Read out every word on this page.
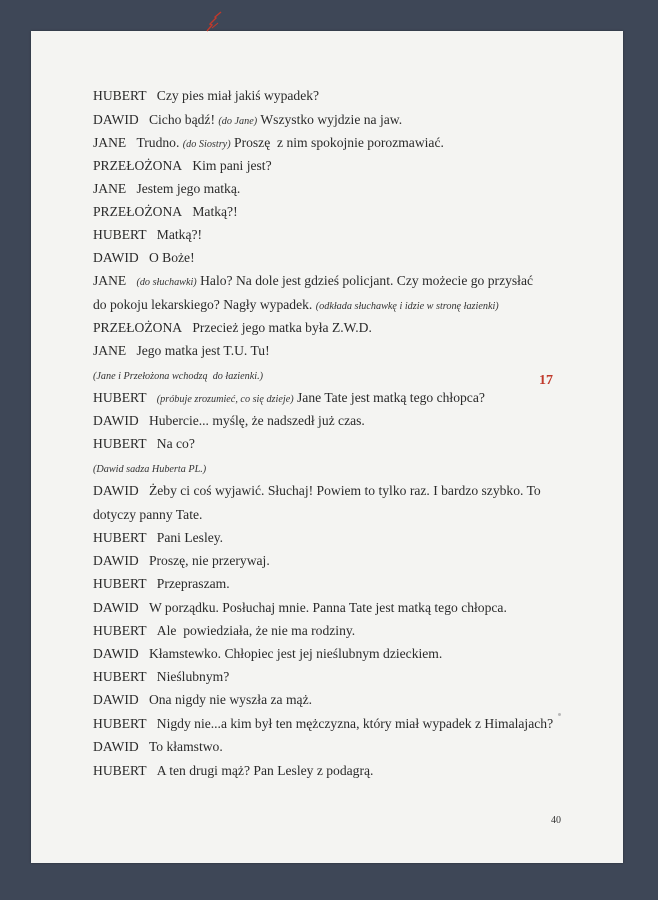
HUBERT Czy pies miał jakiś wypadek?
DAWID Cicho bądź! (do Jane) Wszystko wyjdzie na jaw.
JANE Trudno. (do Siostry) Proszę  z nim spokojnie porozmawiać.
PRZEŁOŻONA Kim pani jest?
JANE Jestem jego matką.
PRZEŁOŻONA Matką?!
HUBERT Matką?!
DAWID O Boże!
JANE (do słuchawki) Halo? Na dole jest gdzieś policjant. Czy możecie go przysłać
do pokoju lekarskiego? Nagły wypadek. (odkłada słuchawkę i idzie w stronę łazienki)
PRZEŁOŻONA Przecież jego matka była Z.W.D.
JANE Jego matka jest T.U. Tu!
(Jane i Przełożona wchodzą  do łazienki.)
HUBERT (próbuje zrozumieć, co się dzieje) Jane Tate jest matką tego chłopca?
DAWID Hubercie... myślę, że nadszedł już czas.
HUBERT Na co?
(Dawid sadza Huberta PL.)
DAWID Żeby ci coś wyjawić. Słuchaj! Powiem to tylko raz. I bardzo szybko. To
dotyczy panny Tate.
HUBERT Pani Lesley.
DAWID Proszę, nie przerywaj.
HUBERT Przepraszam.
DAWID W porządku. Posłuchaj mnie. Panna Tate jest matką tego chłopca.
HUBERT Ale  powiedziała, że nie ma rodziny.
DAWID Kłamstewko. Chłopiec jest jej nieślubnym dzieckiem.
HUBERT Nieślubnym?
DAWID Ona nigdy nie wyszła za mąż.
HUBERT Nigdy nie...a kim był ten mężczyzna, który miał wypadek z Himalajach?
DAWID To kłamstwo.
HUBERT A ten drugi mąż? Pan Lesley z podagrą.
17
40
